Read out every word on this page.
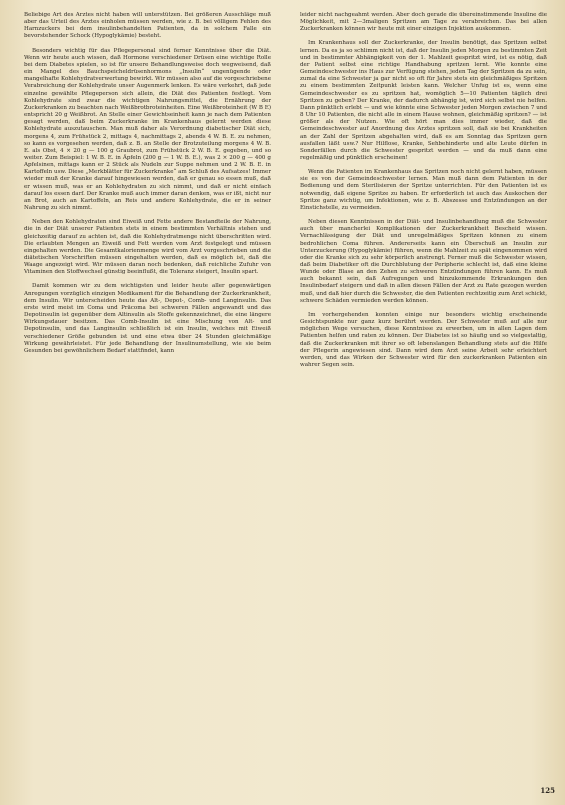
Beliebige Art des Arztes nicht haben will unterstützen. Bei größeren Ausschläge muß aber das Urteil des Arztes einholen müssen werden, wie z. B. bei völligem Fehlen des Harnzuckers bei dem insulinbehandelten Patienten, da in solchem Falle ein bevorstehender Schock (Hypoglykämie) besteht.

Besonders wichtig für das Pflegepersonal sind ferner Kenntnisse über die Diät. Wenn wir heute auch wissen, daß Hormone verschiedener Drüsen eine wichtige Rolle bei dem Diabetes spielen, so ist für unsere Behandlungsweise doch wegweisend, daß ein Mangel des Bauchspeicheldrüsenhormons „Insulin“ ungenügende oder mangelhafte Kohlehydratverwertung bewirkt. Wir müssen also auf die vorgeschriebene Verabreichung der Kohlehydrate unser Augenmerk lenken. Es wäre verkehrt, daß jede einzelne gewählte Pflegeperson sich allein, die Diät des Patienten festlegt. Vom Kohlehydrate sind zwar die wichtigen Nahrungsmittel, die Ernährung der Zuckerkranken zu beachten nach Weißbrotbroteinheiten. Eine Weißbroteinheit (W B E) entspricht 20 g Weißbrot. An Stelle einer Gewichtseinheit kann je nach dem Patienten gesagt werden, daß beim Zuckerkranke im Krankenhaus gelernt werden diese Kohlehydrate auszutauschen. Man muß daher als Verordnung diabetischer Diät sich, morgens 4, zum Frühstück 2, mittags 4, nachmittags 2, abends 4 W. B. E. zu nehmen, so kann es vorgesehen werden, daß z. B. an Stelle der Brotzuteilung morgens 4 W. B. E. als Obst, 4 × 20 g — 100 g Graubrot, zum Frühstück 2 W. B. E. gegeben, und so weiter. Zum Beispiel: 1 W. B. E. in Äpfeln (200 g — 1 W. B. E.), was 2 × 200 g — 400 g Apfelsinen, mittags kann er 2 Stück als Nudeln zur Suppe nehmen und 2 W. B. E. in Kartoffeln usw. Diese „Merkblätter für Zuckerkranke“ am Schluß des Aufsatzes! Immer wieder muß der Kranke darauf hingewiesen werden, daß er genau so essen muß, daß er wissen muß, was er an Kohlehydraten zu sich nimmt, und daß er nicht einfach darauf los essen darf. Der Kranke muß auch immer daran denken, was er ißt, nicht nur an Brot, auch an Kartoffeln, an Reis und andere Kohlehydrate, die er in seiner Nahrung zu sich nimmt.

Neben den Kohlehydraten sind Eiweiß und Fette andere Bestandteile der Nahrung, die in der Diät unserer Patienten stets in einem bestimmten Verhältnis stehen und gleichzeitig darauf zu achten ist, daß die Kohlehydratmenge nicht überschritten wird. Die erlaubten Mengen an Eiweiß und Fett werden vom Arzt festgelegt und müssen eingehalten werden. Die Gesamtkalorienmenge wird vom Arzt vorgeschrieben und die diätetischen Vorschriften müssen eingehalten werden, daß es möglich ist, daß die Waage angezeigt wird. Wir müssen daran noch bedenken, daß reichliche Zufuhr von Vitaminen den Stoffwechsel günstig beeinflußt, die Toleranz steigert, Insulin spart.

Damit kommen wir zu dem wichtigsten und leider heute aller gegenwärtigen Anregungen vorzüglich einzigen Medikament für die Behandlung der Zuckerkrankheit, dem Insulin. Wir unterscheiden heute das Alt-, Depot-, Comb- und Langinsulin. Das erste wird meist im Coma und Präcoma bei schweren Fällen angewandt und das Depotinsulin ist gegenüber dem Altinsulin als Stoffe gekennzeichnet, die eine längere Wirkungsdauer besitzen. Das Comb-Insulin ist eine Mischung von Alt- und Depotinsulin, und das Langinsulin schließlich ist ein Insulin, welches mit Eiweiß verschiedener Größe gebunden ist und eine etwa über 24 Stunden gleichmäßige Wirkung gewährleistet. Für jede Behandlung der Insulinumstellung, wie sie beim Gesunden bei gewöhnlichem Bedarf stattfindet, kann

leider nicht nachgeahmt werden. Aber doch gerade die übereinstimmende Insuline die Möglichkeit, mit 2—3maligen Spritzen am Tage zu verabreichen. Das bei allen Zuckerkranken können wir heute mit einer einzigen Injektion auskommen.

Im Krankenhaus soll der Zuckerkranke, der Insulin benötigt, das Spritzen selbst lernen. Da es ja so schlimm nicht ist, daß der Insulin jeden Morgen zu bestimmten Zeit und in bestimmter Abhängigkeit von der 1. Mahlzeit gespritzt wird, ist es nötig, daß der Patient selbst eine richtige Handhabung spritzen lernt. Wie konnte eine Gemeindeschwester ins Haus zur Verfügung stehen, jeden Tag der Spritzen da zu sein, zumal da eine Schwester ja gar nicht so oft für Jahre stets ein gleichmäßiges Spritzen zu einem bestimmten Zeitpunkt leisten kann. Welcher Unfug ist es, wenn eine Gemeindeschwester es zu spritzen hat, womöglich 5—10 Patienten täglich drei Spritzen zu geben? Der Kranke, der dadurch abhängig ist, wird sich selbst nie helfen. Dann pünktlich erlebt — und wie könnte eine Schwester jeden Morgen zwischen 7 und 8 Uhr 10 Patienten, die nicht alle in einem Hause wohnen, gleichmäßig spritzen? — ist größer als der Nutzen. Wie oft hört man dies immer wieder, daß die Gemeindeschwester auf Anordnung des Arztes spritzen soll, daß sie bei Krankheiten an der Zahl der Spritzen abgehalten wird, daß es am Sonntag das Spritzen gern ausfallen läßt usw.? Nur Hilflose, Kranke, Sehbehinderte und alte Leute dürfen in Sonderfällen durch die Schwester gespritzt werden — und da muß dann eine regelmäßig und pünktlich erscheinen!

Wenn die Patienten im Krankenhaus das Spritzen noch nicht gelernt haben, müssen sie es von der Gemeindeschwester lernen. Man muß dann dem Patienten in der Bedienung und dem Sterilisieren der Spritze unterrichten. Für den Patienten ist es notwendig, daß eigene Spritze zu haben. Er erforderlich ist auch das Auskochen der Spritze ganz wichtig, um Infektionen, wie z. B. Abszesse und Entzündungen an der Einstichstelle, zu vermeiden.

Neben diesen Kenntnissen in der Diät- und Insulinbehandlung muß die Schwester auch über mancherlei Komplikationen der Zuckerkrankheit Bescheid wissen. Vernachlässigung der Diät und unregelmäßiges Spritzen können zu einem bedrohlichen Coma führen. Andererseits kann ein Überschuß an Insulin zur Unterzuckerung (Hypoglykämie) führen, wenn die Mahlzeit zu spät eingenommen wird oder die Kranke sich zu sehr körperlich anstrengt. Ferner muß die Schwester wissen, daß beim Diabetiker oft die Durchblutung der Peripherie schlecht ist, daß eine kleine Wunde oder Blase an den Zehen zu schweren Entzündungen führen kann. Es muß auch bekannt sein, daß Aufregungen und hinzukommende Erkrankungen den Insulinbedarf steigern und daß in allen diesen Fällen der Arzt zu Rate gezogen werden muß, und daß hier durch die Schwester, die den Patienten rechtzeitig zum Arzt schickt, schwere Schäden vermieden werden können.

Im vorhergehenden konnten einige nur besonders wichtig erscheinende Gesichtspunkte nur ganz kurz berührt werden. Der Schwester muß auf alle nur möglichen Wege versuchen, diese Kenntnisse zu erwerben, um in allen Lagen dem Patienten helfen und raten zu können. Der Diabetes ist so häufig und so vielgestaltig, daß die Zuckerkranken mit ihrer so oft lebenslangen Behandlung stets auf die Hilfe der Pflegerin angewiesen sind. Dann wird dem Arzt seine Arbeit sehr erleichtert werden, und das Wirken der Schwester wird für den zuckerkranken Patienten ein wahrer Segen sein.

125
